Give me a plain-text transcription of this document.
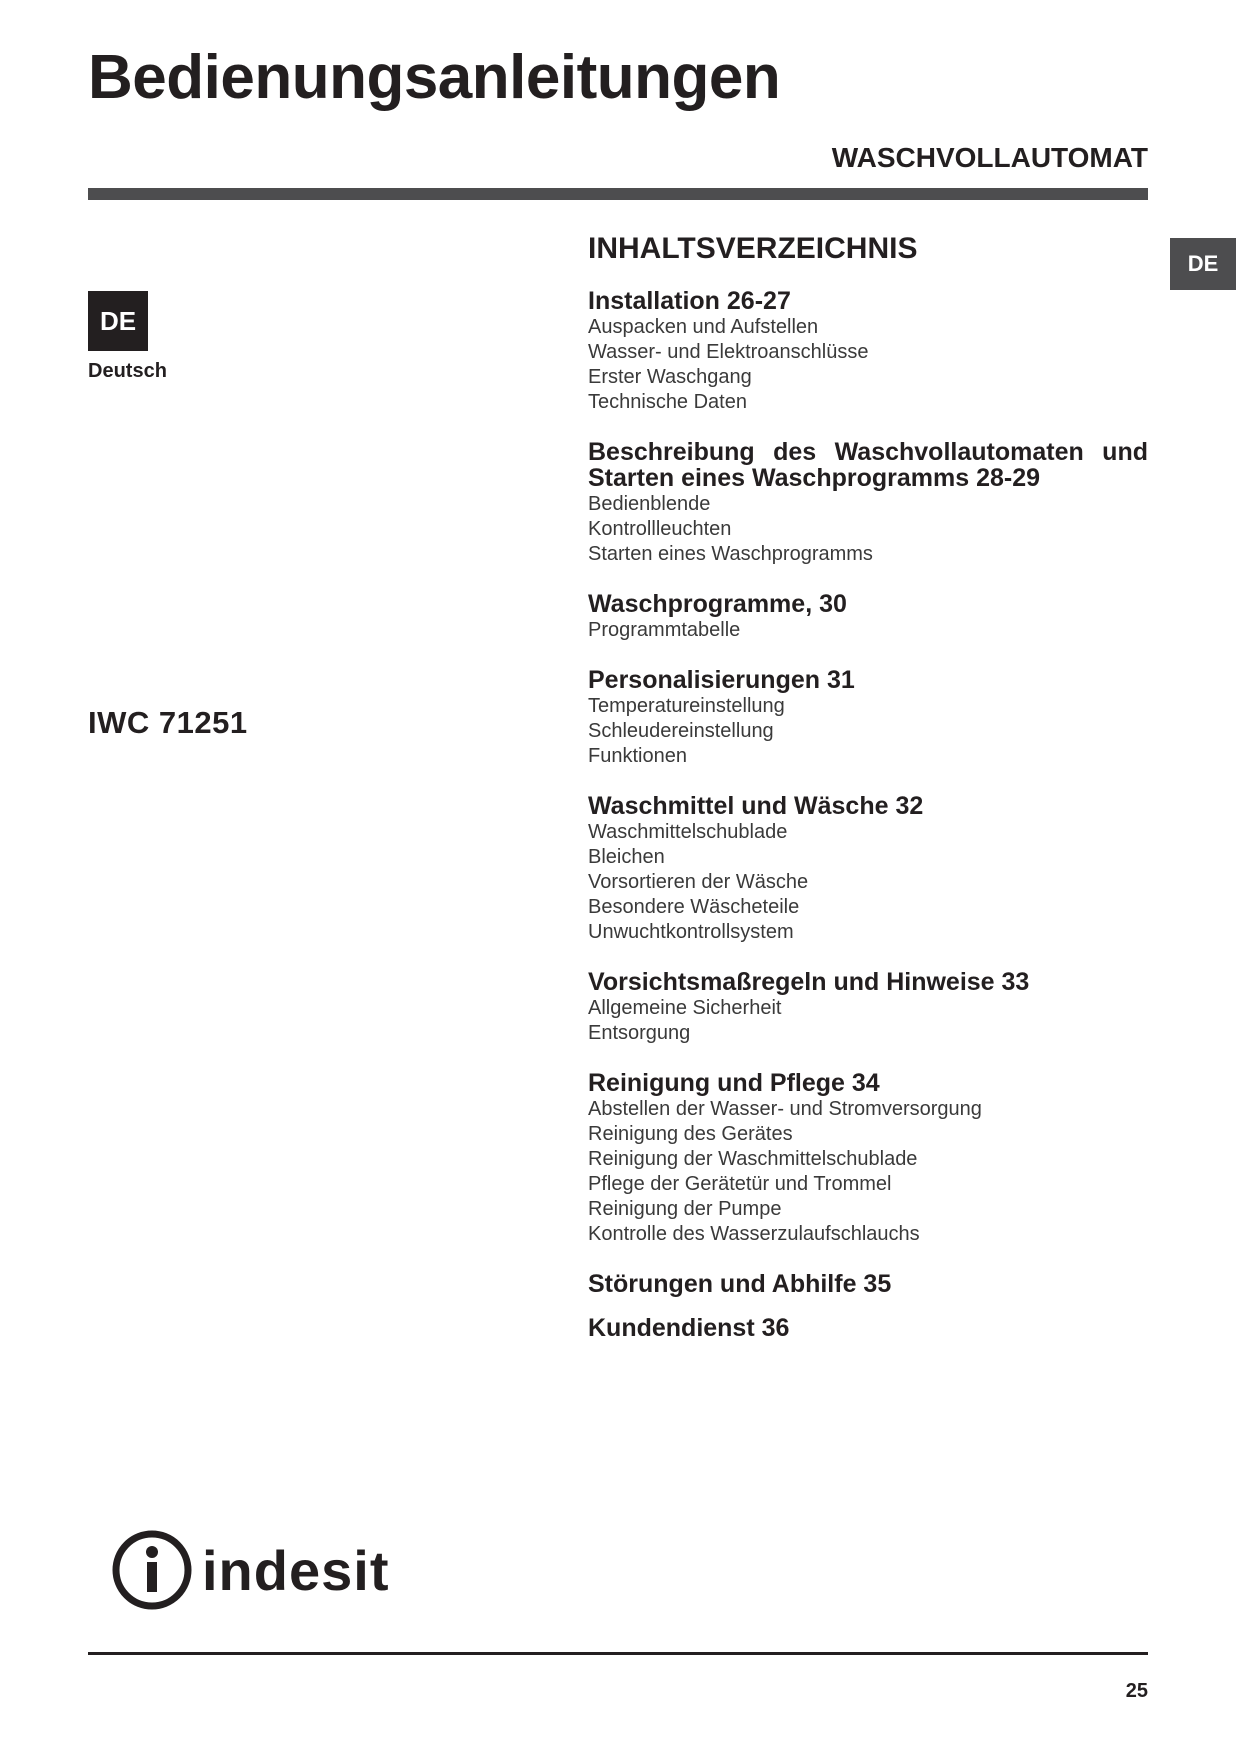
Bedienungsanleitungen
WASCHVOLLAUTOMAT
DE
DE
Deutsch
IWC 71251
INHALTSVERZEICHNIS
Installation 26-27
Auspacken und Aufstellen
Wasser- und Elektroanschlüsse
Erster Waschgang
Technische Daten
Beschreibung des Waschvollautomaten und Starten eines Waschprogramms 28-29
Bedienblende
Kontrollleuchten
Starten eines Waschprogramms
Waschprogramme, 30
Programmtabelle
Personalisierungen 31
Temperatureinstellung
Schleudereinstellung
Funktionen
Waschmittel und Wäsche 32
Waschmittelschublade
Bleichen
Vorsortieren der Wäsche
Besondere Wäscheteile
Unwuchtkontrollsystem
Vorsichtsmaßregeln und Hinweise 33
Allgemeine Sicherheit
Entsorgung
Reinigung und Pflege 34
Abstellen der Wasser- und Stromversorgung
Reinigung des Gerätes
Reinigung der Waschmittelschublade
Pflege der Gerätetür und Trommel
Reinigung der Pumpe
Kontrolle des Wasserzulaufschlauchs
Störungen und Abhilfe 35
Kundendienst 36
indesit
25
